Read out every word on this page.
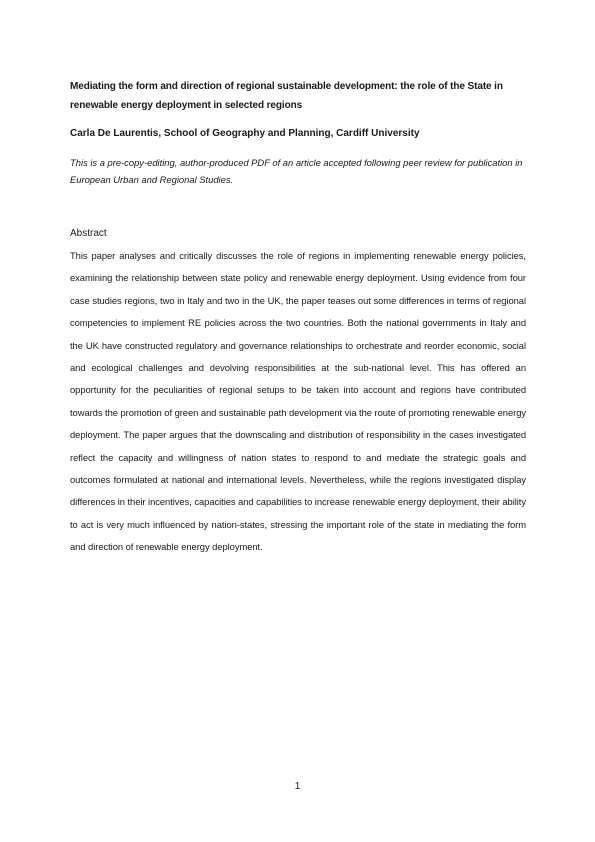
Mediating the form and direction of regional sustainable development: the role of the State in renewable energy deployment in selected regions
Carla De Laurentis, School of Geography and Planning, Cardiff University
This is a pre-copy-editing, author-produced PDF of an article accepted following peer review for publication in European Urban and Regional Studies.
Abstract
This paper analyses and critically discusses the role of regions in implementing renewable energy policies, examining the relationship between state policy and renewable energy deployment. Using evidence from four case studies regions, two in Italy and two in the UK, the paper teases out some differences in terms of regional competencies to implement RE policies across the two countries. Both the national governments in Italy and the UK have constructed regulatory and governance relationships to orchestrate and reorder economic, social and ecological challenges and devolving responsibilities at the sub-national level. This has offered an opportunity for the peculiarities of regional setups to be taken into account and regions have contributed towards the promotion of green and sustainable path development via the route of promoting renewable energy deployment. The paper argues that the downscaling and distribution of responsibility in the cases investigated reflect the capacity and willingness of nation states to respond to and mediate the strategic goals and outcomes formulated at national and international levels. Nevertheless, while the regions investigated display differences in their incentives, capacities and capabilities to increase renewable energy deployment, their ability to act is very much influenced by nation-states, stressing the important role of the state in mediating the form and direction of renewable energy deployment.
1
